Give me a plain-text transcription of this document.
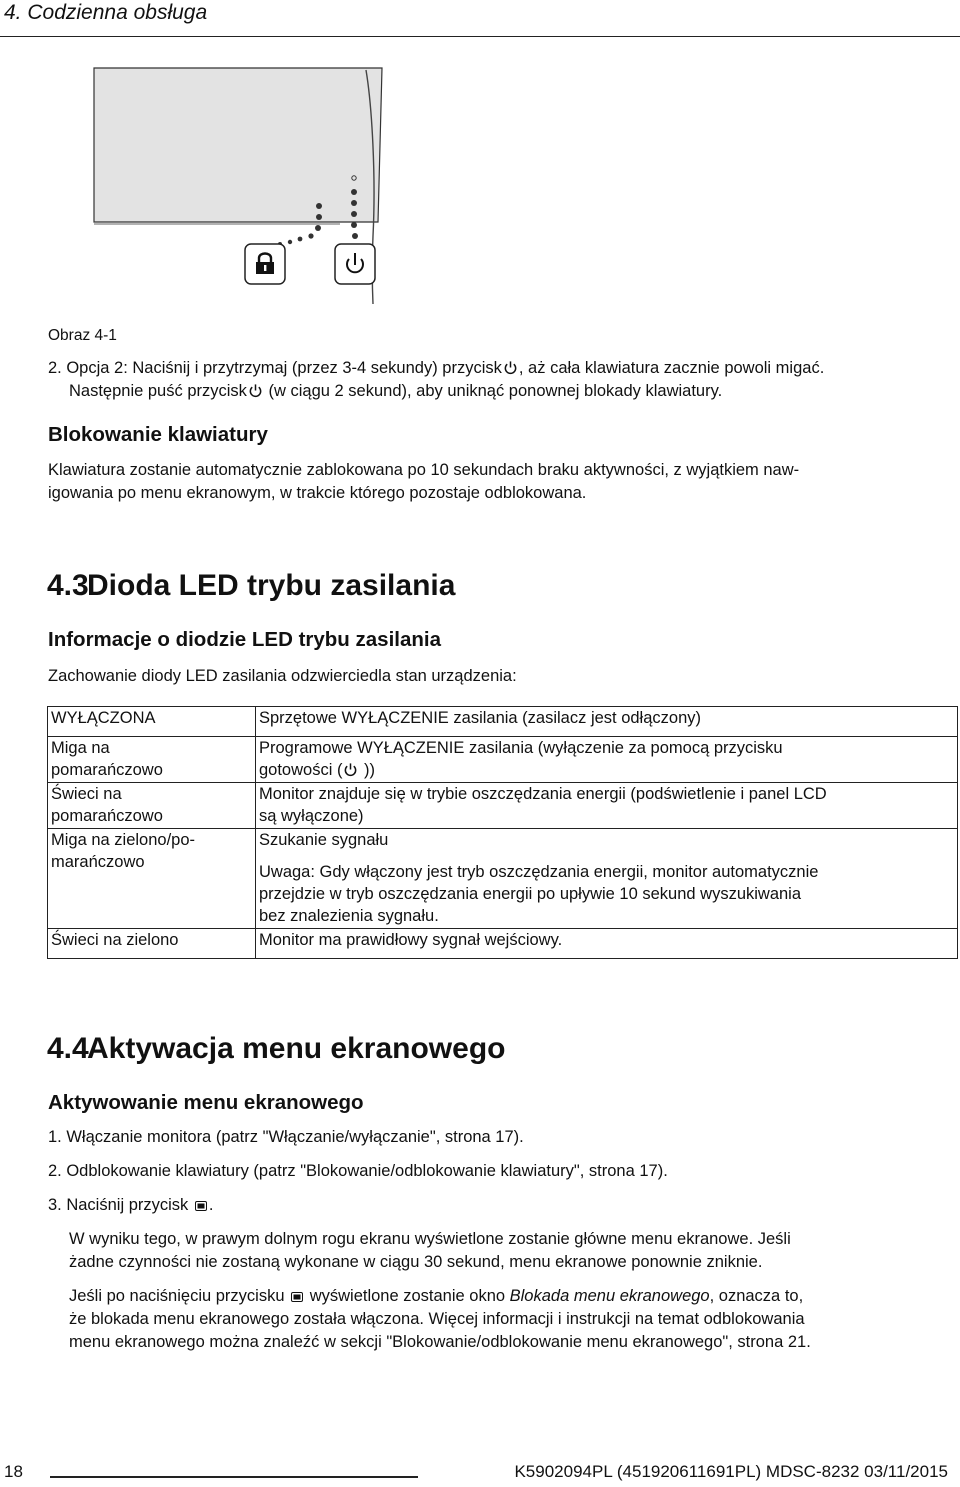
4. Codzienna obsługa
Obraz 4-1
2. Opcja 2: Naciśnij i przytrzymaj (przez 3-4 sekundy) przycisk , aż cała klawiatura zacznie powoli migać.
Następnie puść przycisk (w ciągu 2 sekund), aby uniknąć ponownej blokady klawiatury.
Blokowanie klawiatury
Klawiatura zostanie automatycznie zablokowana po 10 sekundach braku aktywności, z wyjątkiem naw-
igowania po menu ekranowym, w trakcie którego pozostaje odblokowana.
4.3
Dioda LED trybu zasilania
Informacje o diodzie LED trybu zasilania
Zachowanie diody LED zasilania odzwierciedla stan urządzenia:
WYŁĄCZONA	Sprzętowe WYŁĄCZENIE zasilania (zasilacz jest odłączony)

Miga na
pomarańczowo	Programowe WYŁĄCZENIE zasilania (wyłączenie za pomocą przycisku
gotowości ( ))

Świeci na
pomarańczowo	Monitor znajduje się w trybie oszczędzania energii (podświetlenie i panel LCD
są wyłączone)

Miga na zielono/po-
marańczowo	Szukanie sygnału
Uwaga: Gdy włączony jest tryb oszczędzania energii, monitor automatycznie
przejdzie w tryb oszczędzania energii po upływie 10 sekund wyszukiwania
bez znalezienia sygnału.

Świeci na zielono	Monitor ma prawidłowy sygnał wejściowy.
4.4
Aktywacja menu ekranowego
Aktywowanie menu ekranowego
1. Włączanie monitora (patrz "Włączanie/wyłączanie", strona 17).
2. Odblokowanie klawiatury (patrz "Blokowanie/odblokowanie klawiatury", strona 17).
3. Naciśnij przycisk .
W wyniku tego, w prawym dolnym rogu ekranu wyświetlone zostanie główne menu ekranowe. Jeśli
żadne czynności nie zostaną wykonane w ciągu 30 sekund, menu ekranowe ponownie zniknie.
Jeśli po naciśnięciu przycisku  wyświetlone zostanie okno Blokada menu ekranowego, oznacza to,
że blokada menu ekranowego została włączona. Więcej informacji i instrukcji na temat odblokowania
menu ekranowego można znaleźć w sekcji "Blokowanie/odblokowanie menu ekranowego", strona 21.
18	K5902094PL (451920611691PL) MDSC-8232 03/11/2015
